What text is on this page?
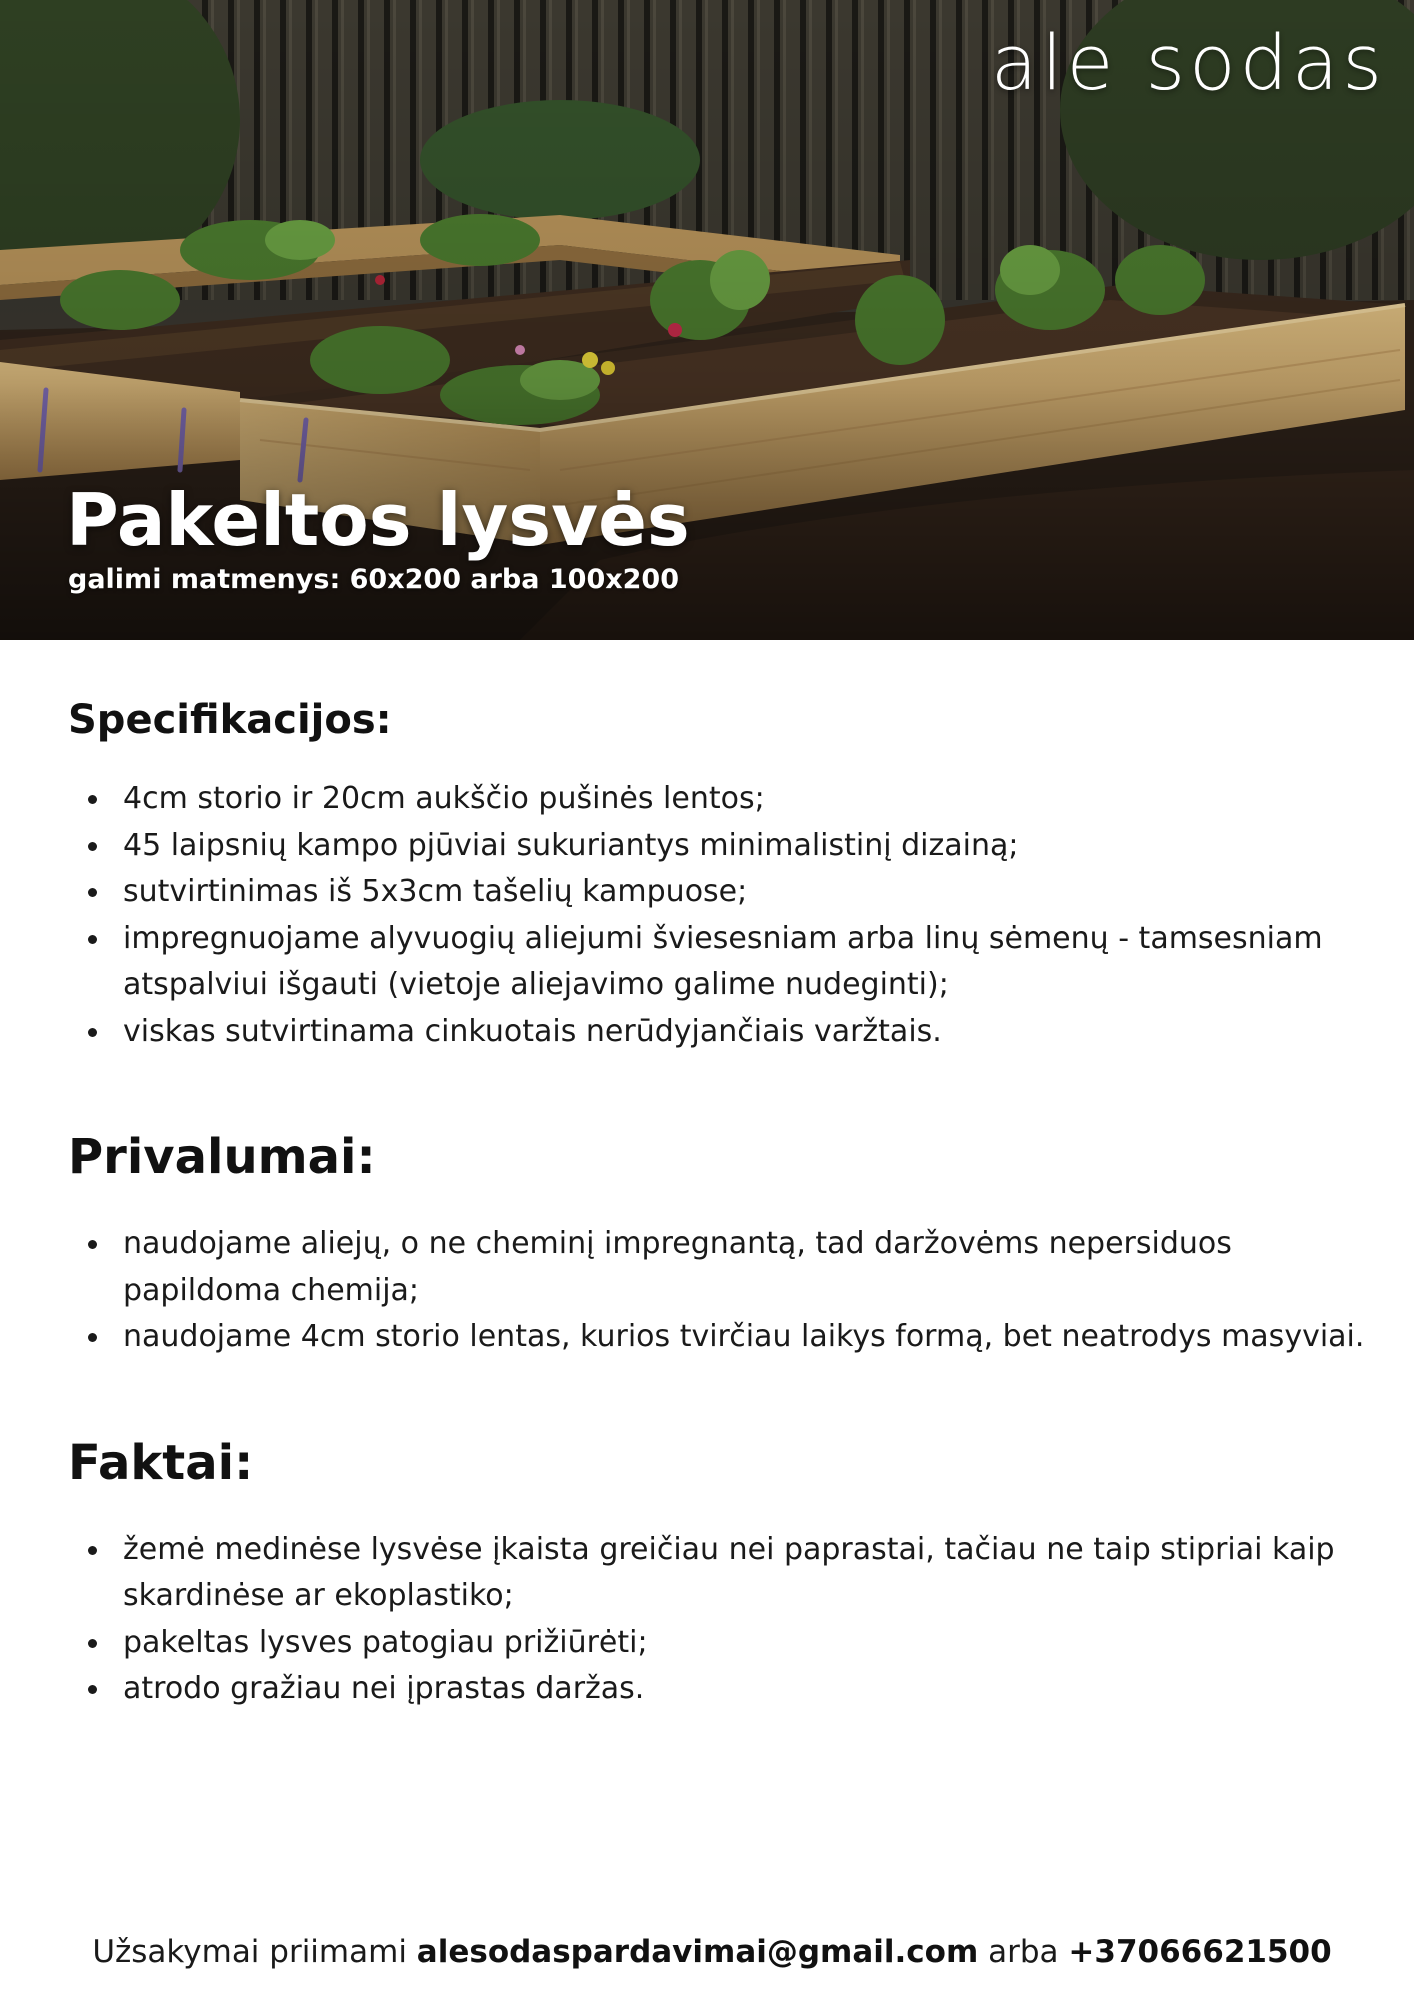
ale sodas
Pakeltos lysvės
galimi matmenys: 60x200 arba 100x200
Specifikacijos:
4cm storio ir 20cm aukščio pušinės lentos;
45 laipsnių kampo pjūviai sukuriantys minimalistinį dizainą;
sutvirtinimas iš 5x3cm tašelių kampuose;
impregnuojame alyvuogių aliejumi šviesesniam arba linų sėmenų - tamsesniam atspalviui išgauti (vietoje aliejavimo galime nudeginti);
viskas sutvirtinama cinkuotais nerūdyjančiais varžtais.
Privalumai:
naudojame aliejų, o ne cheminį impregnantą, tad daržovėms nepersiduos papildoma chemija;
naudojame 4cm storio lentas, kurios tvirčiau laikys formą, bet neatrodys masyviai.
Faktai:
žemė medinėse lysvėse įkaista greičiau nei paprastai, tačiau ne taip stipriai kaip skardinėse ar ekoplastiko;
pakeltas lysves patogiau prižiūrėti;
atrodo gražiau nei įprastas daržas.
Užsakymai priimami alesodaspardavimai@gmail.com arba +37066621500
